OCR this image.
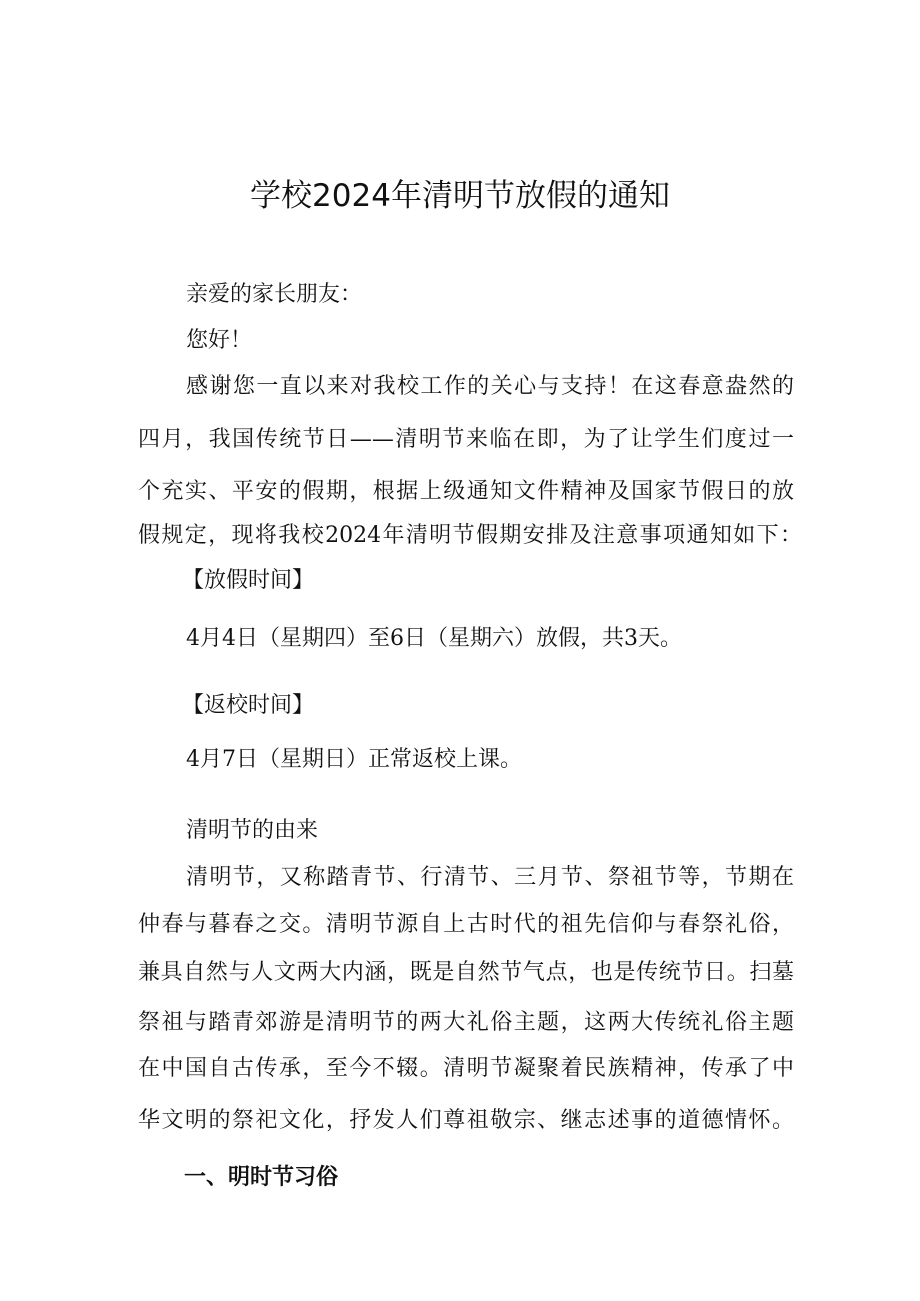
学校2024年清明节放假的通知
亲爱的家长朋友：
您好！
感谢您一直以来对我校工作的关心与支持！在这春意盎然的
四月，我国传统节日——清明节来临在即，为了让学生们度过一
个充实、平安的假期，根据上级通知文件精神及国家节假日的放
假规定，现将我校2024年清明节假期安排及注意事项通知如下：
【放假时间】
4月4日（星期四）至6日（星期六）放假，共3天。
【返校时间】
4月7日（星期日）正常返校上课。
清明节的由来
清明节，又称踏青节、行清节、三月节、祭祖节等，节期在
仲春与暮春之交。清明节源自上古时代的祖先信仰与春祭礼俗，
兼具自然与人文两大内涵，既是自然节气点，也是传统节日。扫墓
祭祖与踏青郊游是清明节的两大礼俗主题，这两大传统礼俗主题
在中国自古传承，至今不辍。清明节凝聚着民族精神，传承了中
华文明的祭祀文化，抒发人们尊祖敬宗、继志述事的道德情怀。
一、明时节习俗
